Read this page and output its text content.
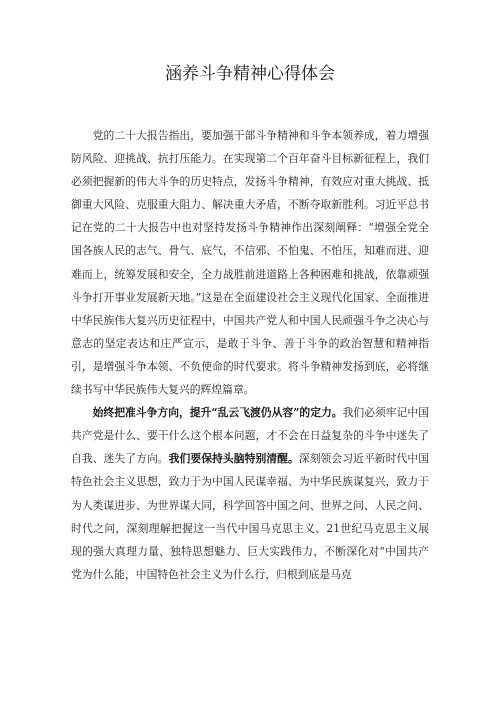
涵养斗争精神心得体会

党的二十大报告指出，要加强干部斗争精神和斗争本领养成，着力增强防风险、迎挑战、抗打压能力。在实现第二个百年奋斗目标新征程上，我们必须把握新的伟大斗争的历史特点，发扬斗争精神，有效应对重大挑战、抵御重大风险、克服重大阻力、解决重大矛盾，不断夺取新胜利。习近平总书记在党的二十大报告中也对坚持发扬斗争精神作出深刻阐释：“增强全党全国各族人民的志气、骨气、底气，不信邪、不怕鬼、不怕压，知难而进、迎难而上，统筹发展和安全，全力战胜前进道路上各种困难和挑战，依靠顽强斗争打开事业发展新天地。”这是在全面建设社会主义现代化国家、全面推进中华民族伟大复兴历史征程中，中国共产党人和中国人民顽强斗争之决心与意志的坚定表达和庄严宣示，是敢于斗争、善于斗争的政治智慧和精神指引，是增强斗争本领、不负使命的时代要求。将斗争精神发扬到底，必将继续书写中华民族伟大复兴的辉煌篇章。

始终把准斗争方向，提升“乱云飞渡仍从容”的定力。我们必须牢记中国共产党是什么、要干什么这个根本问题，才不会在日益复杂的斗争中迷失了自我、迷失了方向。我们要保持头脑特别清醒。深刻领会习近平新时代中国特色社会主义思想，致力于为中国人民谋幸福、为中华民族谋复兴，致力于为人类谋进步、为世界谋大同，科学回答中国之问、世界之问、人民之问、时代之问，深刻理解把握这一当代中国马克思主义、21世纪马克思主义展现的强大真理力量、独特思想魅力、巨大实践伟力，不断深化对“中国共产党为什么能，中国特色社会主义为什么行，归根到底是马克
